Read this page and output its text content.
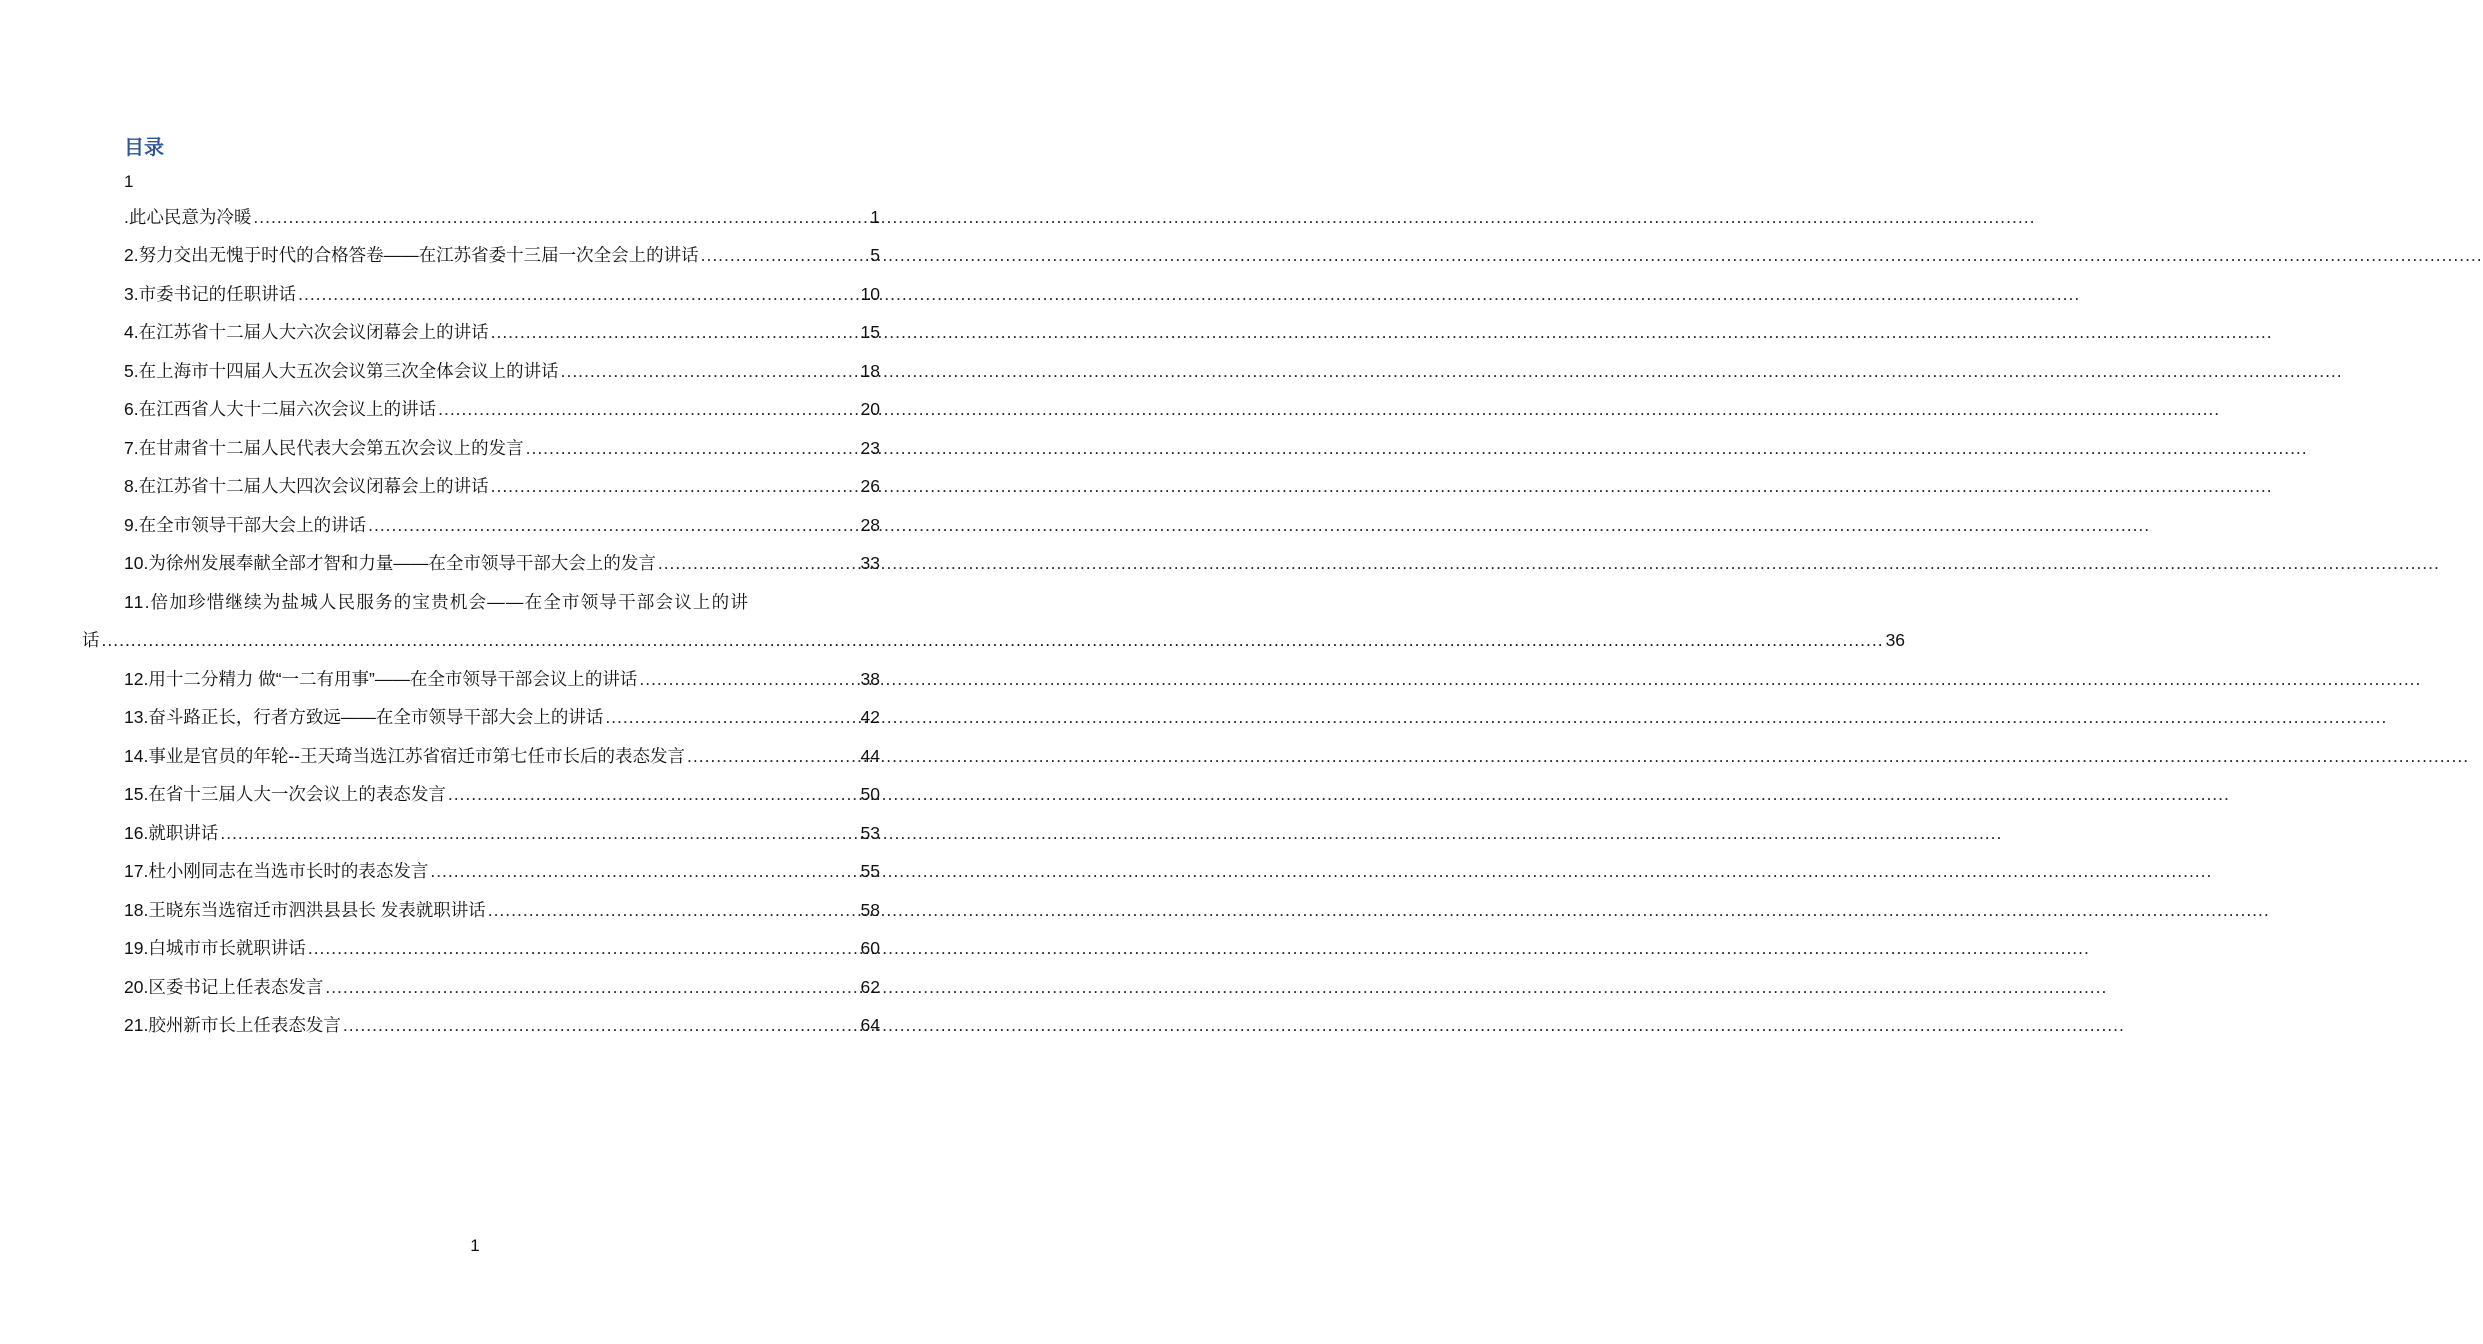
目录
1
.此心民意为冷暖 .....	1
2.努力交出无愧于时代的合格答卷——在江苏省委十三届一次全会上的讲话 .....	5
3.市委书记的任职讲话 .....	10
4.在江苏省十二届人大六次会议闭幕会上的讲话 .....	15
5.在上海市十四届人大五次会议第三次全体会议上的讲话 .....	18
6.在江西省人大十二届六次会议上的讲话 .....	20
7.在甘肃省十二届人民代表大会第五次会议上的发言 .....	23
8.在江苏省十二届人大四次会议闭幕会上的讲话 .....	26
9.在全市领导干部大会上的讲话 .....	28
10.为徐州发展奉献全部才智和力量——在全市领导干部大会上的发言 .....	33
11.倍加珍惜继续为盐城人民服务的宝贵机会——在全市领导干部会议上的讲
话 .....	36
12.用十二分精力 做“一二有用事”——在全市领导干部会议上的讲话 .....	38
13.奋斗路正长，行者方致远——在全市领导干部大会上的讲话 .....	42
14.事业是官员的年轮--王天琦当选江苏省宿迁市第七任市长后的表态发言 .....	44
15.在省十三届人大一次会议上的表态发言 .....	50
16.就职讲话 .....	53
17.杜小刚同志在当选市长时的表态发言 .....	55
18.王晓东当选宿迁市泗洪县县长 发表就职讲话 .....	58
19.白城市市长就职讲话 .....	60
20.区委书记上任表态发言 .....	62
21.胶州新市长上任表态发言 .....	64
1
